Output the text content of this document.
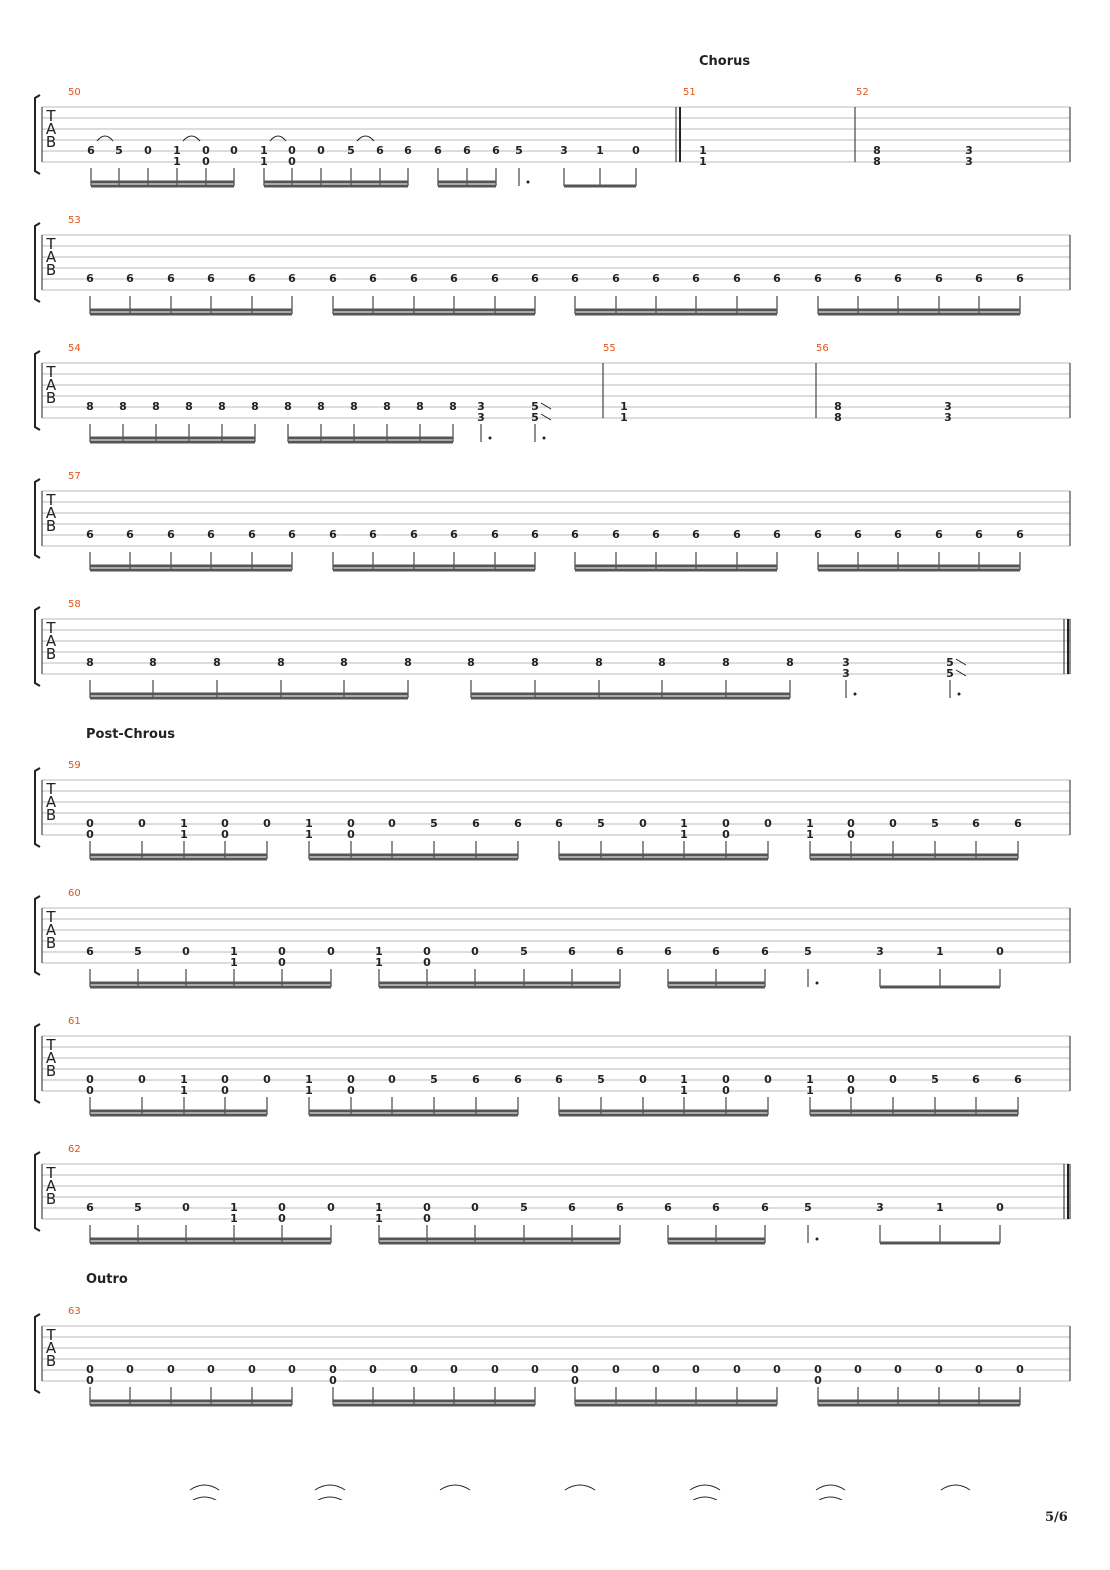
Chorus
Post-Chrous
Outro
T
A
B
50
6 5 0 1
1
0
0
0 1
1
0
0
0 5 6 6 6 6 6 5	3	1	0
51
1
1
52
8
8
3
3
T
A
B
53
6	6	6	6	6	6	6	6	6	6	6	6	6	6	6	6	6	6	6	6	6	6	6	6
T
A
B
54
8 8 8 8 8 8 8 8 8 8 8 8 3
3
5
5
55
1
1
56
8
8
3
3
T
A
B
57
6	6	6	6	6	6	6	6	6	6	6	6	6	6	6	6	6	6	6	6	6	6	6	6
T
A
B
58
8	8	8	8	8	8	8	8	8	8	8	8	3
3
5
5
T
A
B
59
0
0
0	1
1
0
0
0	1
1
0
0
0	5	6	6	6	5	0	1
1
0
0
0	1
1
0
0
0	5	6	6
T
A
B
60
6	5	0	1
1
0
0
0	1
1
0
0
0	5	6	6	6	6	6	5	3	1	0
T
A
B
61
0
0
0	1
1
0
0
0	1
1
0
0
0	5	6	6	6	5	0	1
1
0
0
0	1
1
0
0
0	5	6	6
T
A
B
62
6	5	0	1
1
0
0
0	1
1
0
0
0	5	6	6	6	6	6	5	3	1	0
T
A
B
63
0
0
0	0	0	0	0	0
0
0	0	0	0	0	0
0
0	0	0	0	0	0
0
0	0	0	0	0
5/6
